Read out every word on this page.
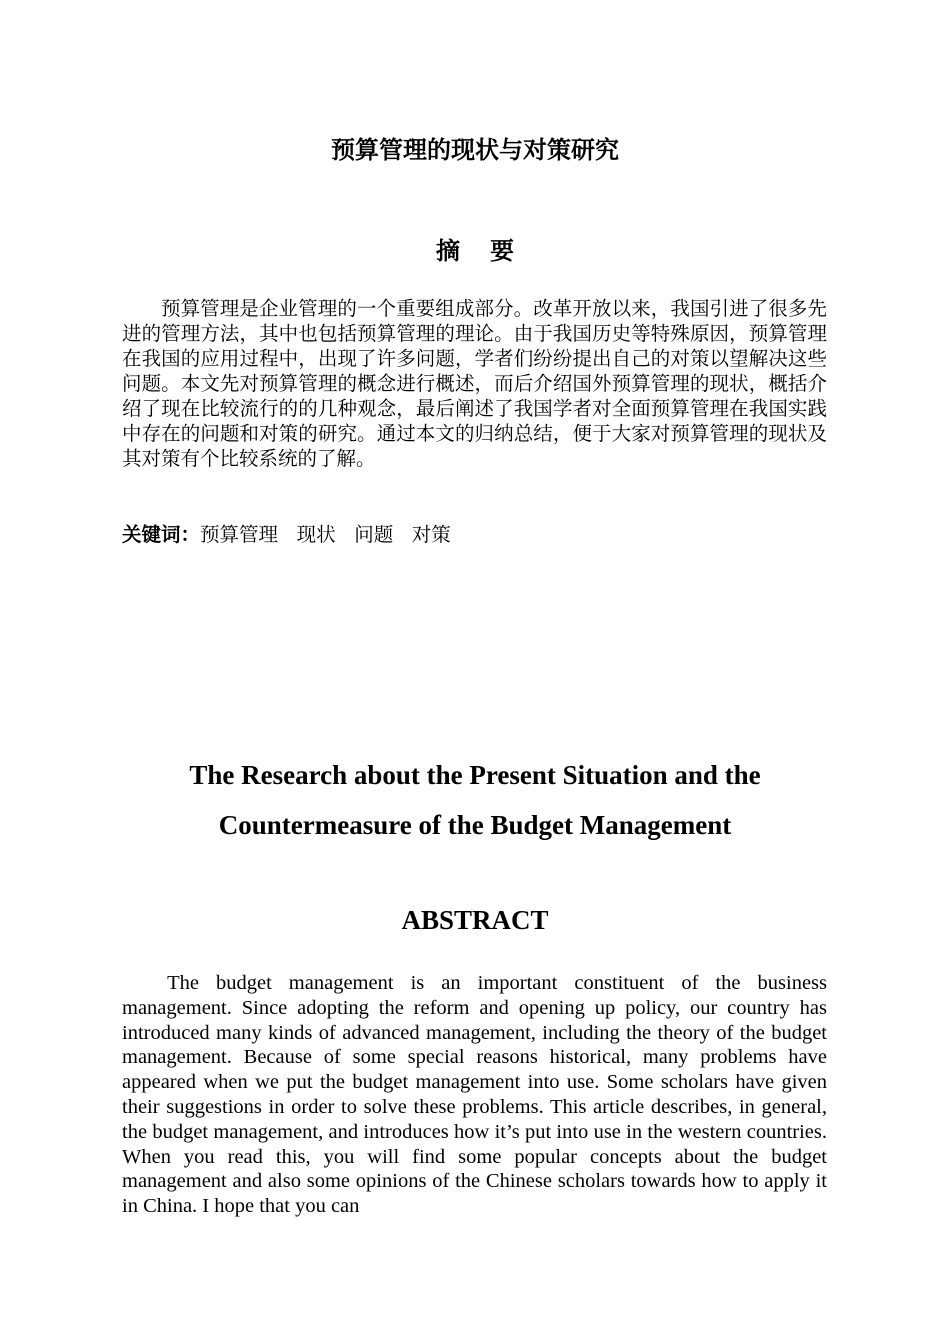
预算管理的现状与对策研究
摘要

预算管理是企业管理的一个重要组成部分。改革开放以来，我国引进了很多先进的管理方法，其中也包括预算管理的理论。由于我国历史等特殊原因，预算管理在我国的应用过程中，出现了许多问题，学者们纷纷提出自己的对策以望解决这些问题。本文先对预算管理的概念进行概述，而后介绍国外预算管理的现状，概括介绍了现在比较流行的的几种观念，最后阐述了我国学者对全面预算管理在我国实践中存在的问题和对策的研究。通过本文的归纳总结，便于大家对预算管理的现状及其对策有个比较系统的了解。

关键词：预算管理   现状   问题   对策
The Research about the Present Situation and the
Countermeasure of the Budget Management
ABSTRACT

The budget management is an important constituent of the business management. Since adopting the reform and opening up policy, our country has introduced many kinds of advanced management, including the theory of the budget management. Because of some special reasons historical, many problems have appeared when we put the budget management into use. Some scholars have given their suggestions in order to solve these problems. This article describes, in general, the budget management, and introduces how it’s put into use in the western countries. When you read this, you will find some popular concepts about the budget management and also some opinions of the Chinese scholars towards how to apply it in China. I hope that you can
